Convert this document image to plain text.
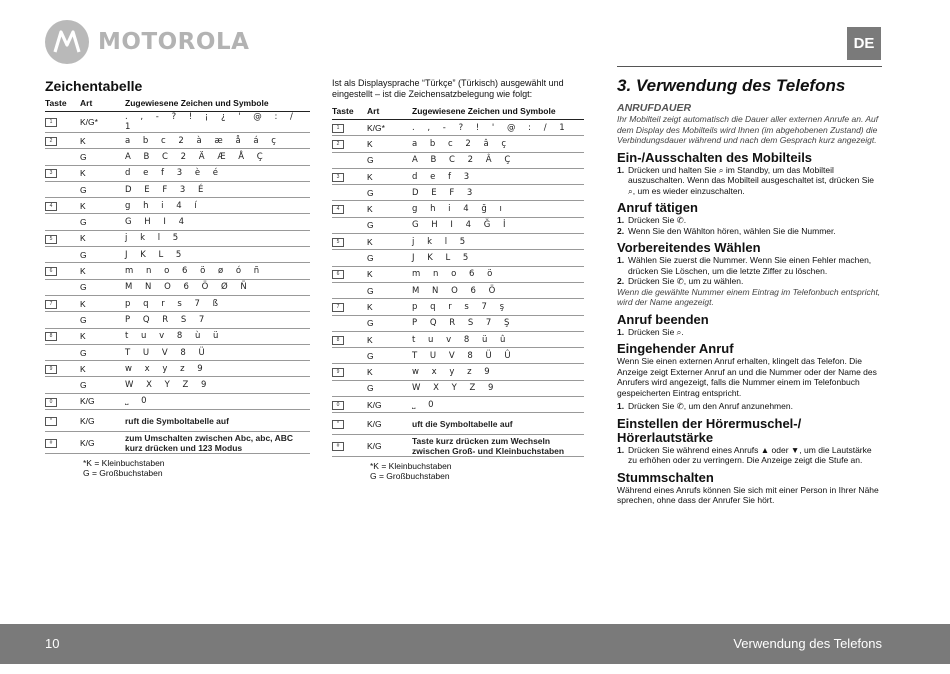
MOTOROLA	DE
Zeichentabelle
Taste	Art	Zugewiesene Zeichen und Symbole
1	K/G*	. , - ? ! ¡ ¿ ' @ : / 1
2	K	a b c 2 à æ å á ç
	G	A B C 2 Ä Æ Å Ç
3	K	d e f 3 è é
	G	D E F 3 É
4	K	g h i 4 í
	G	G H I 4
5	K	j k l 5
	G	J K L 5
6	K	m n o 6 ö ø ó ñ
	G	M N O 6 Ö Ø Ñ
7	K	p q r s 7 ß
	G	P Q R S 7
8	K	t u v 8 ù ü
	G	T U V 8 Ü
9	K	w x y z 9
	G	W X Y Z 9
0	K/G	⎵ 0
*	K/G	ruft die Symboltabelle auf
#	K/G	zum Umschalten zwischen Abc, abc, ABC kurz drücken und 123 Modus
*K = Kleinbuchstaben
G = Großbuchstaben
Ist als Displaysprache “Türkçe” (Türkisch) ausgewählt und eingestellt – ist die Zeichensatzbelegung wie folgt:
Taste	Art	Zugewiesene Zeichen und Symbole
1	K/G*	. , - ? ! ' @ : / 1
2	K	a b c 2 â ç
	G	A B C 2 Â Ç
3	K	d e f 3
	G	D E F 3
4	K	g h i 4 ğ ı
	G	G H I 4 Ğ İ
5	K	j k l 5
	G	J K L 5
6	K	m n o 6 ö
	G	M N O 6 Ö
7	K	p q r s 7 ş
	G	P Q R S 7 Ş
8	K	t u v 8 ü û
	G	T U V 8 Ü Û
9	K	w x y z 9
	G	W X Y Z 9
0	K/G	⎵ 0
*	K/G	uft die Symboltabelle auf
#	K/G	Taste kurz drücken zum Wechseln zwischen Groß- und Kleinbuchstaben
*K = Kleinbuchstaben
G = Großbuchstaben
3. Verwendung des Telefons
ANRUFDAUER
Ihr Mobilteil zeigt automatisch die Dauer aller externen Anrufe an. Auf dem Display des Mobilteils wird Ihnen (im abgehobenen Zustand) die Verbindungsdauer während und nach dem Gesprach kurz angezeigt.
Ein-/Ausschalten des Mobilteils
1. Drücken und halten Sie ⌕ im Standby, um das Mobilteil auszuschalten. Wenn das Mobilteil ausgeschaltet ist, drücken Sie ⌕, um es wieder einzuschalten.
Anruf tätigen
1. Drücken Sie ✆.
2. Wenn Sie den Wählton hören, wählen Sie die Nummer.
Vorbereitendes Wählen
1. Wählen Sie zuerst die Nummer. Wenn Sie einen Fehler machen, drücken Sie Löschen, um die letzte Ziffer zu löschen.
2. Drücken Sie ✆, um zu wählen.
Wenn die gewählte Nummer einem Eintrag im Telefonbuch entspricht, wird der Name angezeigt.
Anruf beenden
1. Drücken Sie ⌕.
Eingehender Anruf
Wenn Sie einen externen Anruf erhalten, klingelt das Telefon. Die Anzeige zeigt Externer Anruf an und die Nummer oder der Name des Anrufers wird angezeigt, falls die Nummer einem im Telefonbuch gespeicherten Eintrag entspricht.
1. Drücken Sie ✆, um den Anruf anzunehmen.
Einstellen der Hörermuschel-/
Hörerlautstärke
1. Drücken Sie während eines Anrufs ▲ oder ▼, um die Lautstärke zu erhöhen oder zu verringern. Die Anzeige zeigt die Stufe an.
Stummschalten
Während eines Anrufs können Sie sich mit einer Person in Ihrer Nähe sprechen, ohne dass der Anrufer Sie hört.
10	Verwendung des Telefons
